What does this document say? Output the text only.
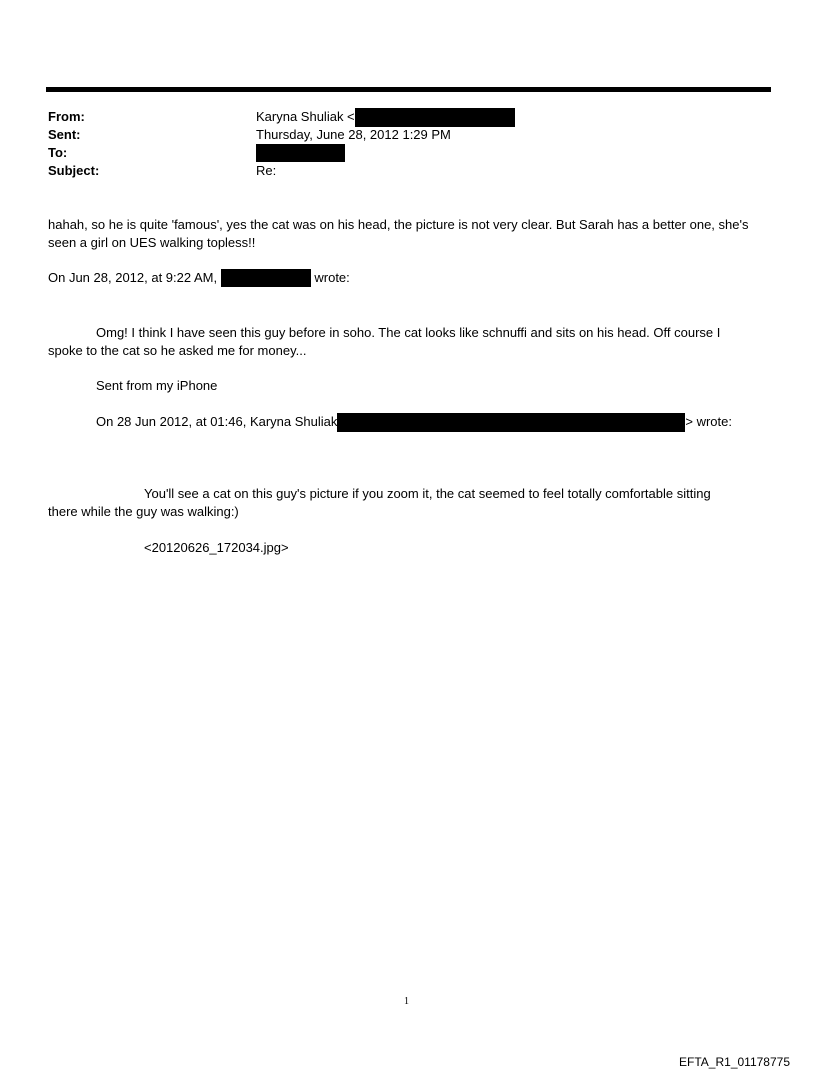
From:	Karyna Shuliak <
Sent:	Thursday, June 28, 2012 1:29 PM
To:
Subject:	Re:
hahah, so he is quite 'famous', yes the cat was on his head, the picture is not very clear. But Sarah has a better one, she's
seen a girl on UES walking topless!!
On Jun 28, 2012, at 9:22 AM,	wrote:
Omg! I think I have seen this guy before in soho. The cat looks like schnuffi and sits on his head. Off course I
spoke to the cat so he asked me for money...
Sent from my iPhone
On 28 Jun 2012, at 01:46, Karyna Shuliak	> wrote:
You'll see a cat on this guy's picture if you zoom it, the cat seemed to feel totally comfortable sitting
there while the guy was walking:)
<20120626_172034.jpg>
1
EFTA_R1_01178775
